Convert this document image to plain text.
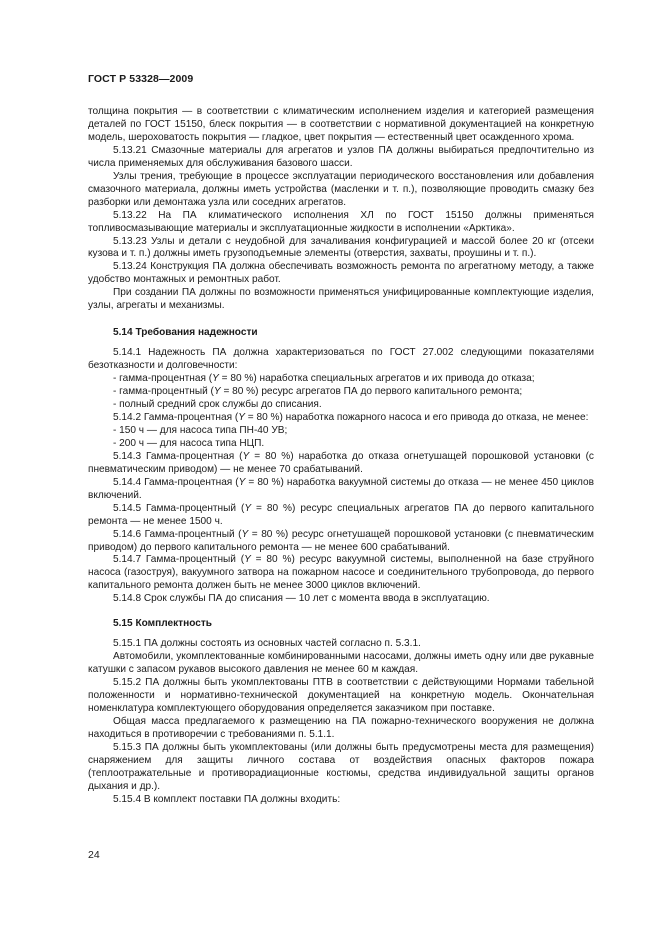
ГОСТ Р 53328—2009

толщина покрытия — в соответствии с климатическим исполнением изделия и категорией размещения деталей по ГОСТ 15150, блеск покрытия — в соответствии с нормативной документацией на конкретную модель, шероховатость покрытия — гладкое, цвет покрытия — естественный цвет осажденного хрома.

5.13.21 Смазочные материалы для агрегатов и узлов ПА должны выбираться предпочтительно из числа применяемых для обслуживания базового шасси.

Узлы трения, требующие в процессе эксплуатации периодического восстановления или добавления смазочного материала, должны иметь устройства (масленки и т. п.), позволяющие проводить смазку без разборки или демонтажа узла или соседних агрегатов.

5.13.22 На ПА климатического исполнения ХЛ по ГОСТ 15150 должны применяться топливосмазывающие материалы и эксплуатационные жидкости в исполнении «Арктика».

5.13.23 Узлы и детали с неудобной для зачаливания конфигурацией и массой более 20 кг (отсеки кузова и т. п.) должны иметь грузоподъемные элементы (отверстия, захваты, проушины и т. п.).

5.13.24 Конструкция ПА должна обеспечивать возможность ремонта по агрегатному методу, а также удобство монтажных и ремонтных работ.

При создании ПА должны по возможности применяться унифицированные комплектующие изделия, узлы, агрегаты и механизмы.

5.14 Требования надежности

5.14.1 Надежность ПА должна характеризоваться по ГОСТ 27.002 следующими показателями безотказности и долговечности:

- гамма-процентная (Y = 80 %) наработка специальных агрегатов и их привода до отказа;

- гамма-процентный (Y = 80 %) ресурс агрегатов ПА до первого капитального ремонта;

- полный средний срок службы до списания.

5.14.2 Гамма-процентная (Y = 80 %) наработка пожарного насоса и его привода до отказа, не менее:

- 150 ч — для насоса типа ПН-40 УВ;

- 200 ч — для насоса типа НЦП.

5.14.3 Гамма-процентная (Y = 80 %) наработка до отказа огнетушащей порошковой установки (с пневматическим приводом) — не менее 70 срабатываний.

5.14.4 Гамма-процентная (Y = 80 %) наработка вакуумной системы до отказа — не менее 450 циклов включений.

5.14.5 Гамма-процентный (Y = 80 %) ресурс специальных агрегатов ПА до первого капитального ремонта — не менее 1500 ч.

5.14.6 Гамма-процентный (Y = 80 %) ресурс огнетушащей порошковой установки (с пневматическим приводом) до первого капитального ремонта — не менее 600 срабатываний.

5.14.7 Гамма-процентный (Y = 80 %) ресурс вакуумной системы, выполненной на базе струйного насоса (газоструя), вакуумного затвора на пожарном насосе и соединительного трубопровода, до первого капитального ремонта должен быть не менее 3000 циклов включений.

5.14.8 Срок службы ПА до списания — 10 лет с момента ввода в эксплуатацию.

5.15 Комплектность

5.15.1 ПА должны состоять из основных частей согласно п. 5.3.1.

Автомобили, укомплектованные комбинированными насосами, должны иметь одну или две рукавные катушки с запасом рукавов высокого давления не менее 60 м каждая.

5.15.2 ПА должны быть укомплектованы ПТВ в соответствии с действующими Нормами табельной положенности и нормативно-технической документацией на конкретную модель. Окончательная номенклатура комплектующего оборудования определяется заказчиком при поставке.

Общая масса предлагаемого к размещению на ПА пожарно-технического вооружения не должна находиться в противоречии с требованиями п. 5.1.1.

5.15.3 ПА должны быть укомплектованы (или должны быть предусмотрены места для размещения) снаряжением для защиты личного состава от воздействия опасных факторов пожара (теплоотражательные и противорадиационные костюмы, средства индивидуальной защиты органов дыхания и др.).

5.15.4 В комплект поставки ПА должны входить:

24
